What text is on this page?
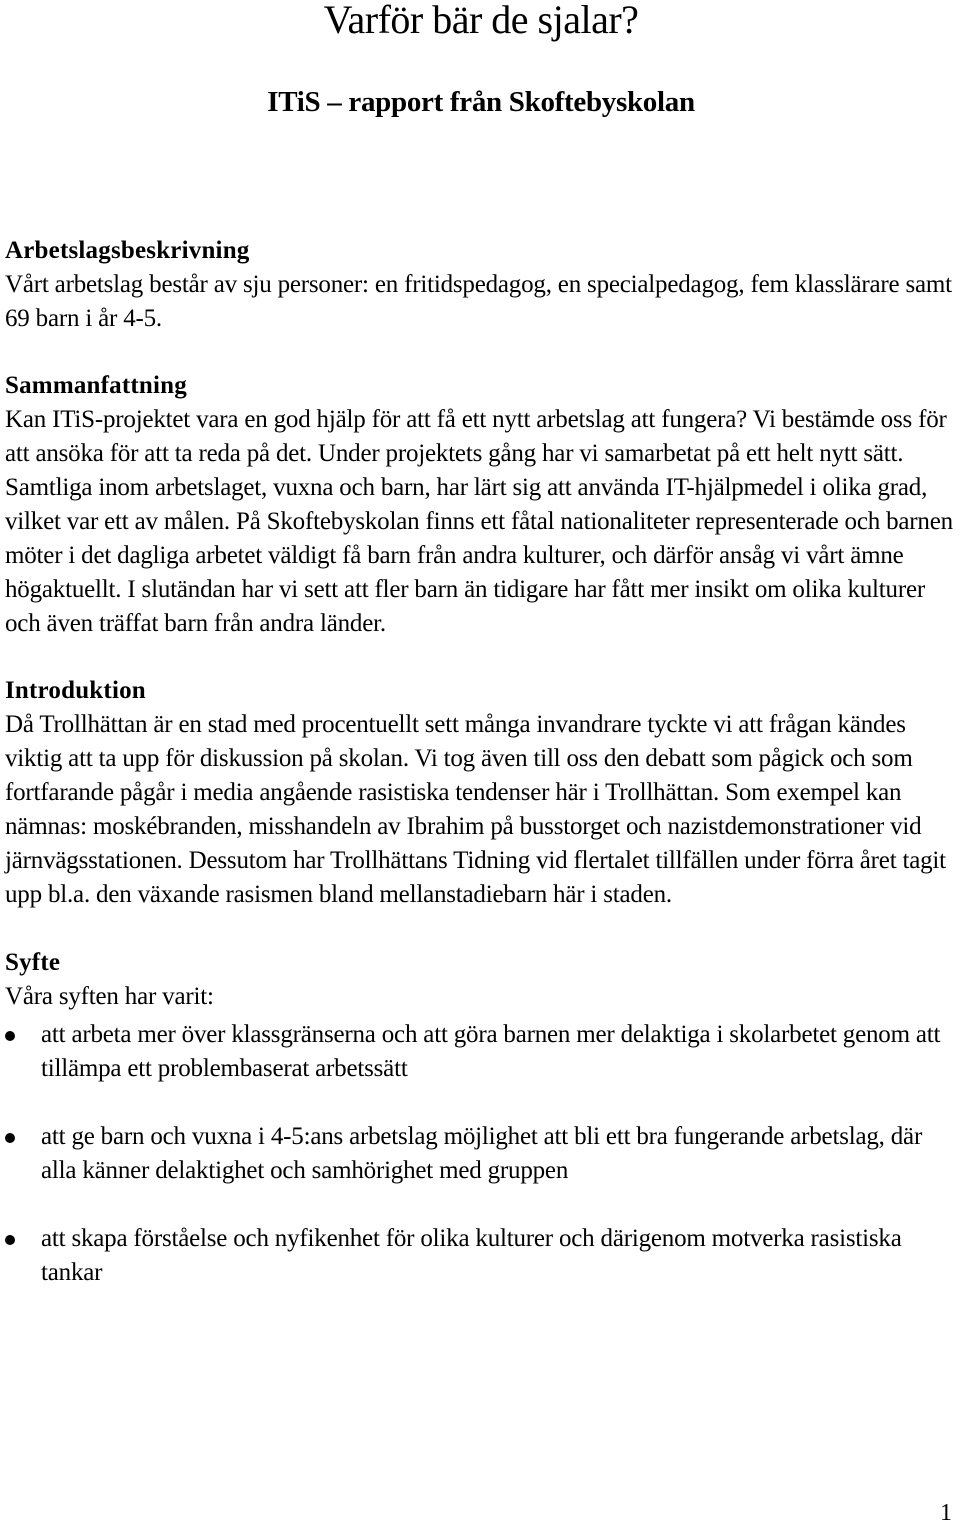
Varför bär de sjalar?
ITiS – rapport från Skoftebyskolan

Arbetslagsbeskrivning

Vårt arbetslag består av sju personer: en fritidspedagog, en specialpedagog, fem klasslärare samt 69 barn i år 4-5.

Sammanfattning

Kan ITiS-projektet vara en god hjälp för att få ett nytt arbetslag att fungera? Vi bestämde oss för att ansöka för att ta reda på det. Under projektets gång har vi samarbetat på ett helt nytt sätt. Samtliga inom arbetslaget, vuxna och barn, har lärt sig att använda IT-hjälpmedel i olika grad, vilket var ett av målen. På Skoftebyskolan finns ett fåtal nationaliteter representerade och barnen möter i det dagliga arbetet väldigt få barn från andra kulturer, och därför ansåg vi vårt ämne högaktuellt. I slutändan har vi sett att fler barn än tidigare har fått mer insikt om olika kulturer och även träffat barn från andra länder.

Introduktion

Då Trollhättan är en stad med procentuellt sett många invandrare tyckte vi att frågan kändes viktig att ta upp för diskussion på skolan. Vi tog även till oss den debatt som pågick och som fortfarande pågår i media angående rasistiska tendenser här i Trollhättan. Som exempel kan nämnas: moskébranden, misshandeln av Ibrahim på busstorget och nazistdemonstrationer vid järnvägsstationen. Dessutom har Trollhättans Tidning vid flertalet tillfällen under förra året tagit upp bl.a. den växande rasismen bland mellanstadiebarn här i staden.

Syfte

Våra syften har varit:

att arbeta mer över klassgränserna och att göra barnen mer delaktiga i skolarbetet genom att tillämpa ett problembaserat arbetssätt
att ge barn och vuxna i 4-5:ans arbetslag möjlighet att bli ett bra fungerande arbetslag, där alla känner delaktighet och samhörighet med gruppen
att skapa förståelse och nyfikenhet för olika kulturer och därigenom motverka rasistiska tankar
1
